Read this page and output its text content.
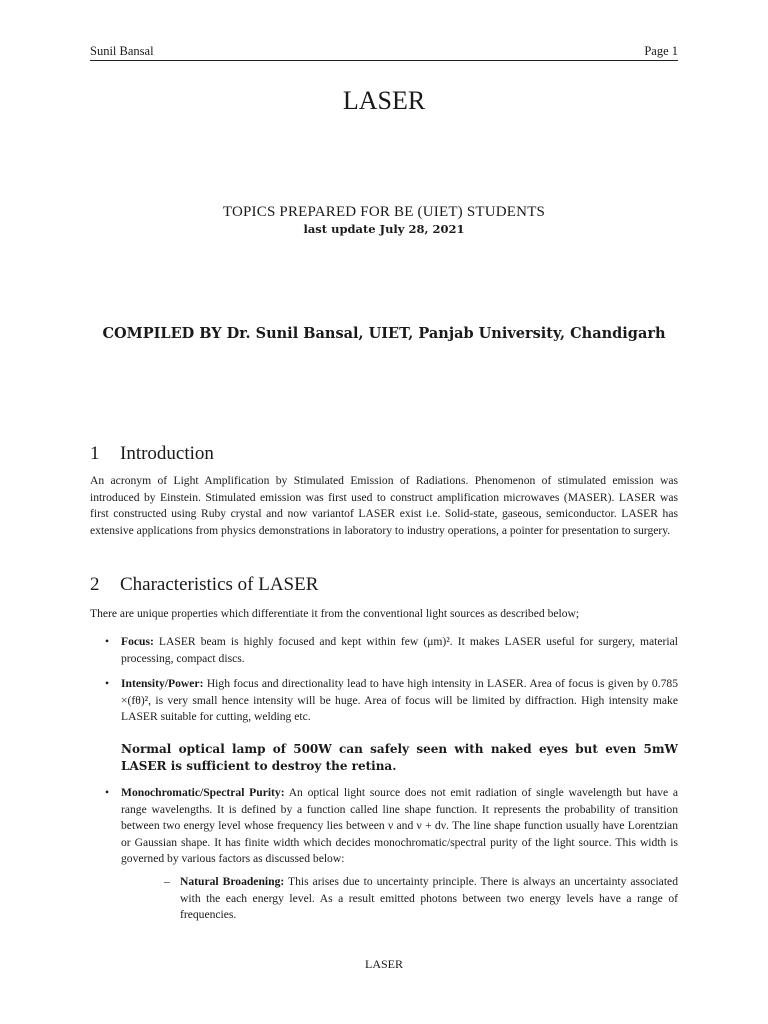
Sunil Bansal	Page 1
LASER
TOPICS PREPARED FOR BE (UIET) STUDENTS
last update July 28, 2021
COMPILED BY Dr. Sunil Bansal, UIET, Panjab University, Chandigarh
1 Introduction
An acronym of Light Amplification by Stimulated Emission of Radiations. Phenomenon of stimulated emission was introduced by Einstein. Stimulated emission was first used to construct amplification microwaves (MASER). LASER was first constructed using Ruby crystal and now variantof LASER exist i.e. Solid-state, gaseous, semiconductor. LASER has extensive applications from physics demonstrations in laboratory to industry operations, a pointer for presentation to surgery.
2 Characteristics of LASER
There are unique properties which differentiate it from the conventional light sources as described below;
• Focus: LASER beam is highly focused and kept within few (μm)². It makes LASER useful for surgery, material processing, compact discs.
• Intensity/Power: High focus and directionality lead to have high intensity in LASER. Area of focus is given by 0.785 ×(fθ)², is very small hence intensity will be huge. Area of focus will be limited by diffraction. High intensity make LASER suitable for cutting, welding etc.
Normal optical lamp of 500W can safely seen with naked eyes but even 5mW LASER is sufficient to destroy the retina.
• Monochromatic/Spectral Purity: An optical light source does not emit radiation of single wavelength but have a range wavelengths. It is defined by a function called line shape function. It represents the probability of transition between two energy level whose frequency lies between ν and ν + dν. The line shape function usually have Lorentzian or Gaussian shape. It has finite width which decides monochromatic/spectral purity of the light source. This width is governed by various factors as discussed below:
– Natural Broadening: This arises due to uncertainty principle. There is always an uncertainty associated with the each energy level. As a result emitted photons between two energy levels have a range of frequencies.
LASER
